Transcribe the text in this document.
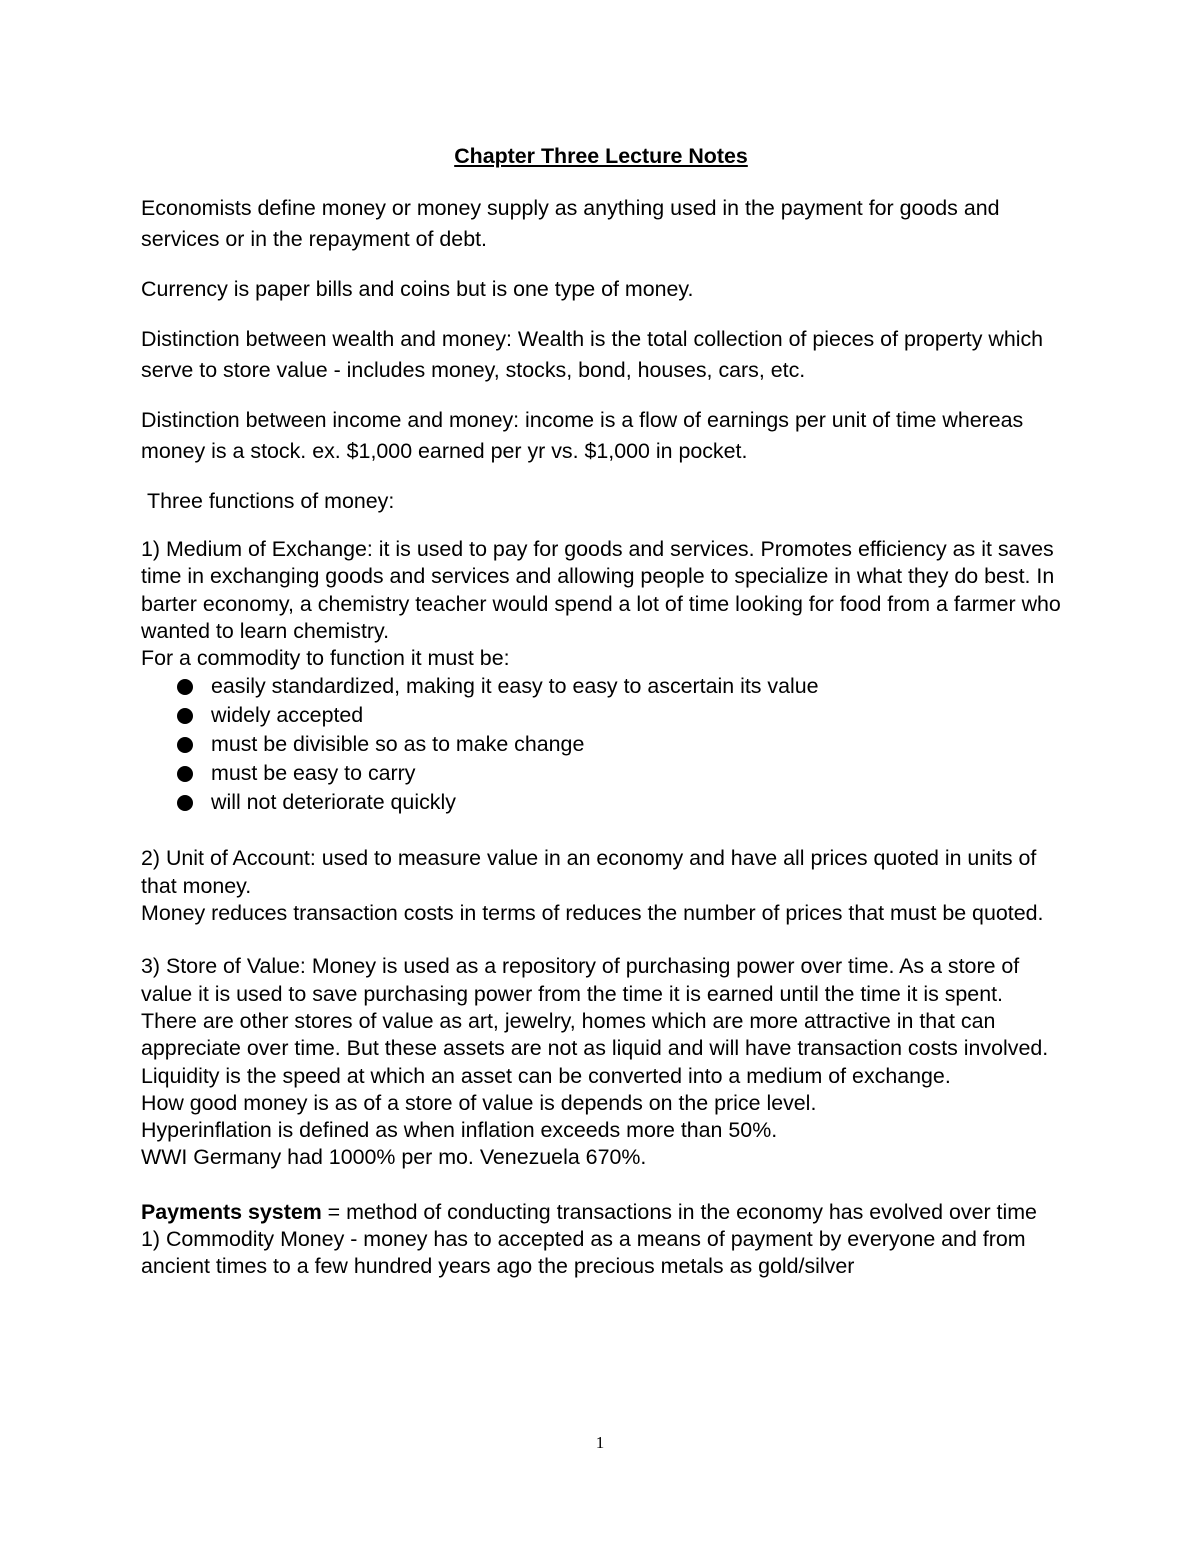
Chapter Three Lecture Notes

Economists define money or money supply as anything used in the payment for goods and services or in the repayment of debt.

Currency is paper bills and coins but is one type of money.

Distinction between wealth and money: Wealth is the total collection of pieces of property which serve to store value - includes money, stocks, bond, houses, cars, etc.

Distinction between income and money: income is a flow of earnings per unit of time whereas money is a stock. ex. $1,000 earned per yr vs. $1,000 in pocket.

Three functions of money:

1) Medium of Exchange: it is used to pay for goods and services. Promotes efficiency as it saves time in exchanging goods and services and allowing people to specialize in what they do best. In barter economy, a chemistry teacher would spend a lot of time looking for food from a farmer who wanted to learn chemistry.

For a commodity to function it must be:

easily standardized, making it easy to easy to ascertain its value
widely accepted
must be divisible so as to make change
must be easy to carry
will not deteriorate quickly

2) Unit of Account: used to measure value in an economy and have all prices quoted in units of that money.

Money reduces transaction costs in terms of reduces the number of prices that must be quoted.

3) Store of Value: Money is used as a repository of purchasing power over time. As a store of value it is used to save purchasing power from the time it is earned until the time it is spent.

There are other stores of value as art, jewelry, homes which are more attractive in that can appreciate over time. But these assets are not as liquid and will have transaction costs involved.

Liquidity is the speed at which an asset can be converted into a medium of exchange.

How good money is as of a store of value is depends on the price level.

Hyperinflation is defined as when inflation exceeds more than 50%.

WWI Germany had 1000% per mo. Venezuela 670%.

Payments system = method of conducting transactions in the economy has evolved over time

1) Commodity Money - money has to accepted as a means of payment by everyone and from ancient times to a few hundred years ago the precious metals as gold/silver

1
